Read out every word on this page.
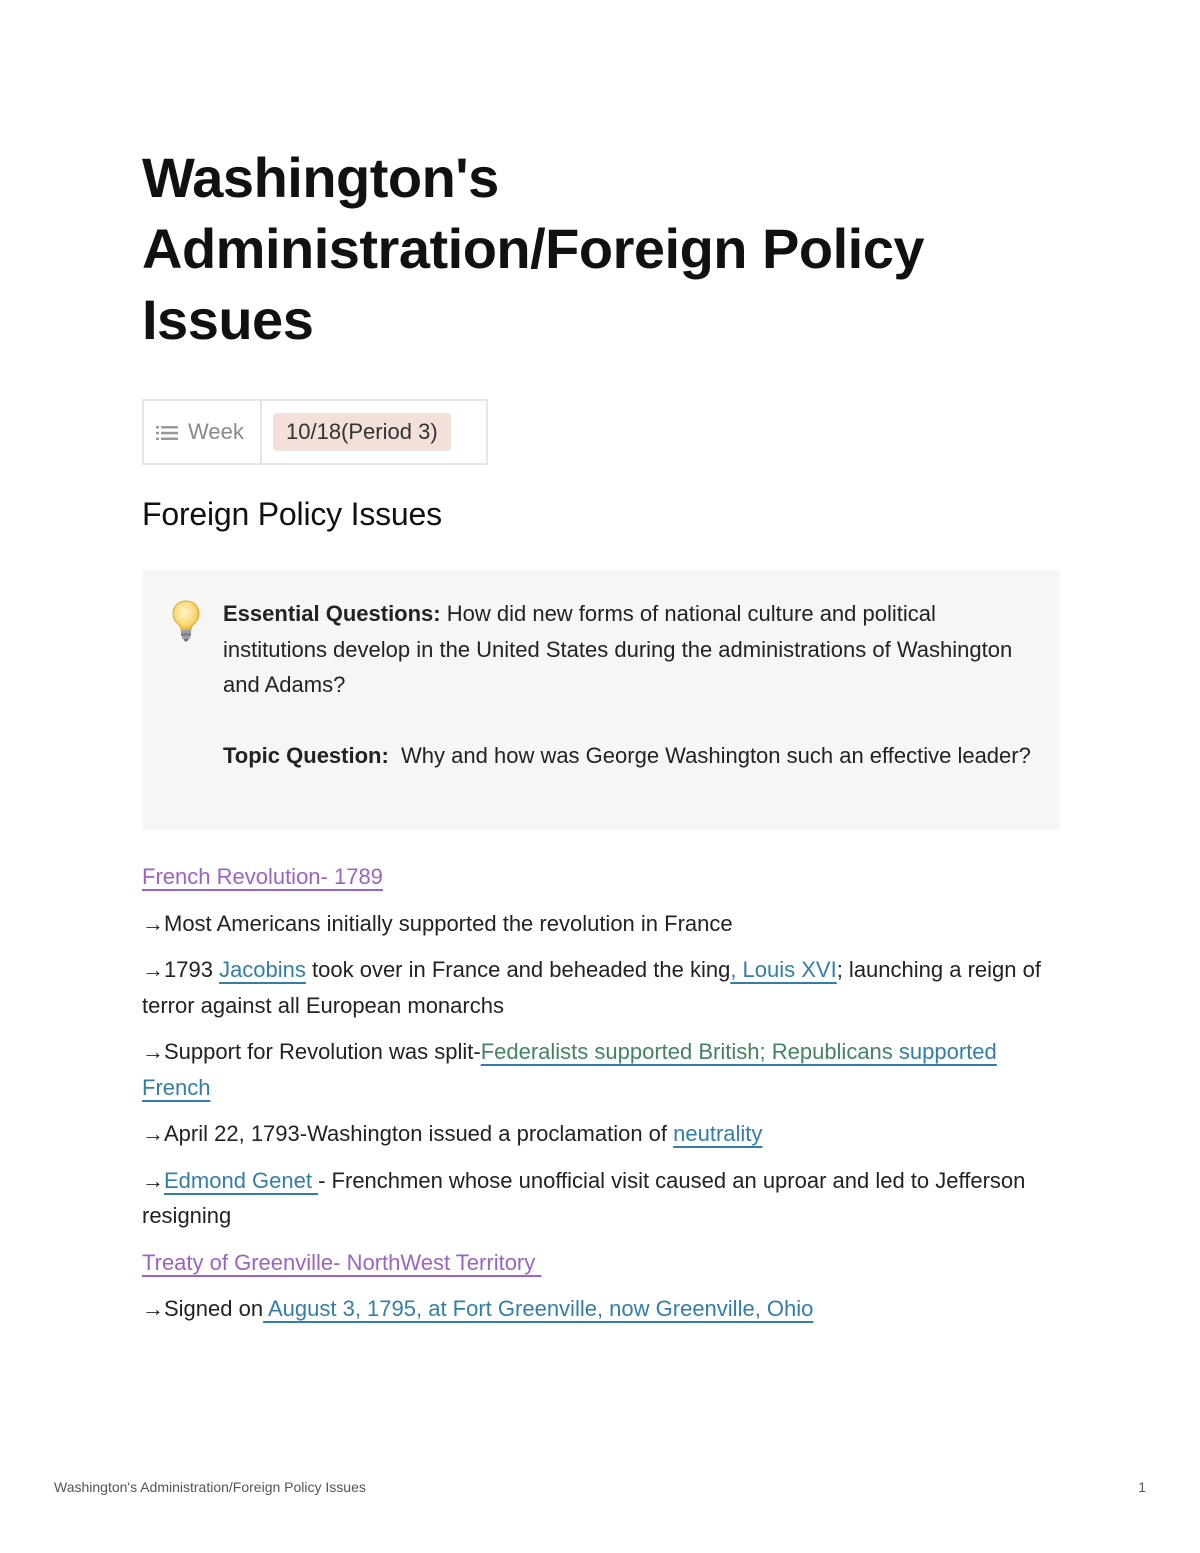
Washington's Administration/Foreign Policy Issues
Week	10/18(Period 3)
Foreign Policy Issues

Essential Questions: How did new forms of national culture and political institutions develop in the United States during the administrations of Washington and Adams?

Topic Question:  Why and how was George Washington such an effective leader?

French Revolution- 1789

→Most Americans initially supported the revolution in France

→1793 Jacobins took over in France and beheaded the king, Louis XVI; launching a reign of terror against all European monarchs

→Support for Revolution was split-Federalists supported British; Republicans supported French

→April 22, 1793-Washington issued a proclamation of neutrality

→Edmond Genet - Frenchmen whose unofficial visit caused an uproar and led to Jefferson resigning

Treaty of Greenville- NorthWest Territory

→Signed on August 3, 1795, at Fort Greenville, now Greenville, Ohio

Washington's Administration/Foreign Policy Issues	1
